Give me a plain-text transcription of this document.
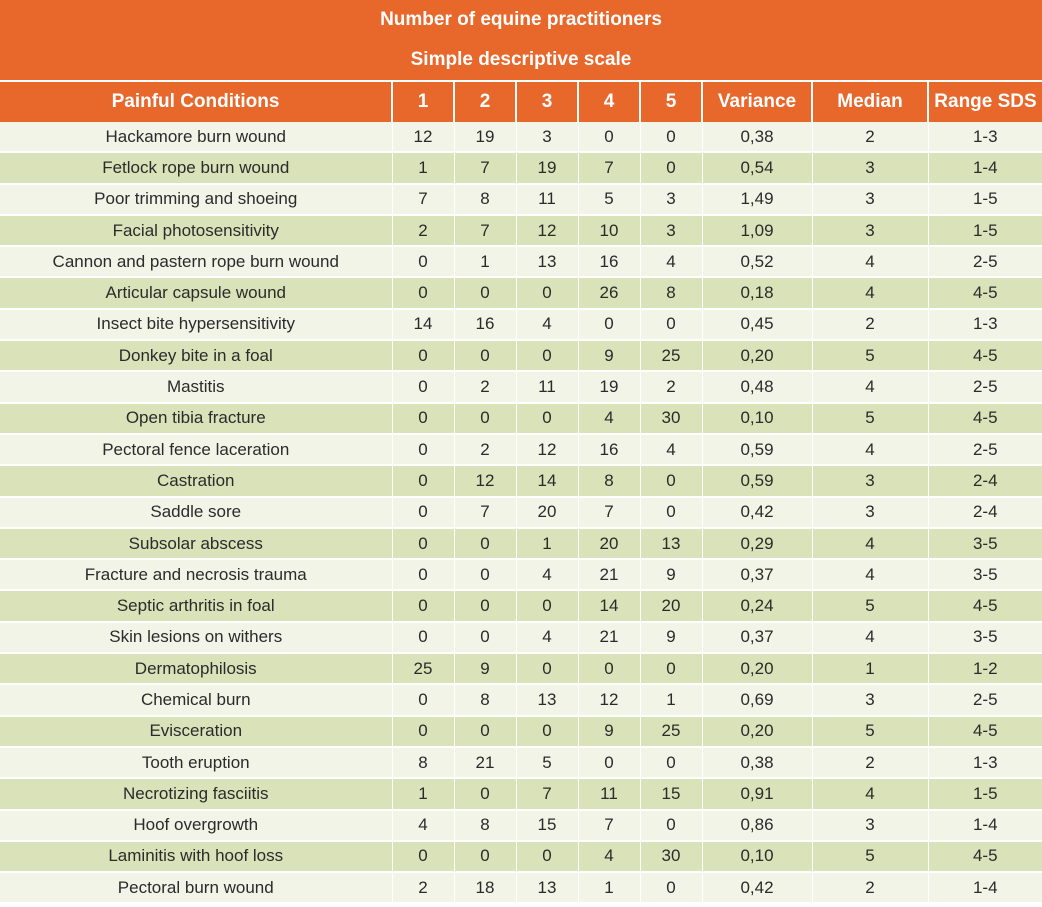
Number of equine practitioners
Simple descriptive scale
Painful Conditions	1	2	3	4	5	Variance	Median	Range SDS
Hackamore burn wound	12	19	3	0	0	0,38	2	1-3
Fetlock rope burn wound	1	7	19	7	0	0,54	3	1-4
Poor trimming and shoeing	7	8	11	5	3	1,49	3	1-5
Facial photosensitivity	2	7	12	10	3	1,09	3	1-5
Cannon and pastern rope burn wound	0	1	13	16	4	0,52	4	2-5
Articular capsule wound	0	0	0	26	8	0,18	4	4-5
Insect bite hypersensitivity	14	16	4	0	0	0,45	2	1-3
Donkey bite in a foal	0	0	0	9	25	0,20	5	4-5
Mastitis	0	2	11	19	2	0,48	4	2-5
Open tibia fracture	0	0	0	4	30	0,10	5	4-5
Pectoral fence laceration	0	2	12	16	4	0,59	4	2-5
Castration	0	12	14	8	0	0,59	3	2-4
Saddle sore	0	7	20	7	0	0,42	3	2-4
Subsolar abscess	0	0	1	20	13	0,29	4	3-5
Fracture and necrosis trauma	0	0	4	21	9	0,37	4	3-5
Septic arthritis in foal	0	0	0	14	20	0,24	5	4-5
Skin lesions on withers	0	0	4	21	9	0,37	4	3-5
Dermatophilosis	25	9	0	0	0	0,20	1	1-2
Chemical burn	0	8	13	12	1	0,69	3	2-5
Evisceration	0	0	0	9	25	0,20	5	4-5
Tooth eruption	8	21	5	0	0	0,38	2	1-3
Necrotizing fasciitis	1	0	7	11	15	0,91	4	1-5
Hoof overgrowth	4	8	15	7	0	0,86	3	1-4
Laminitis with hoof loss	0	0	0	4	30	0,10	5	4-5
Pectoral burn wound	2	18	13	1	0	0,42	2	1-4
